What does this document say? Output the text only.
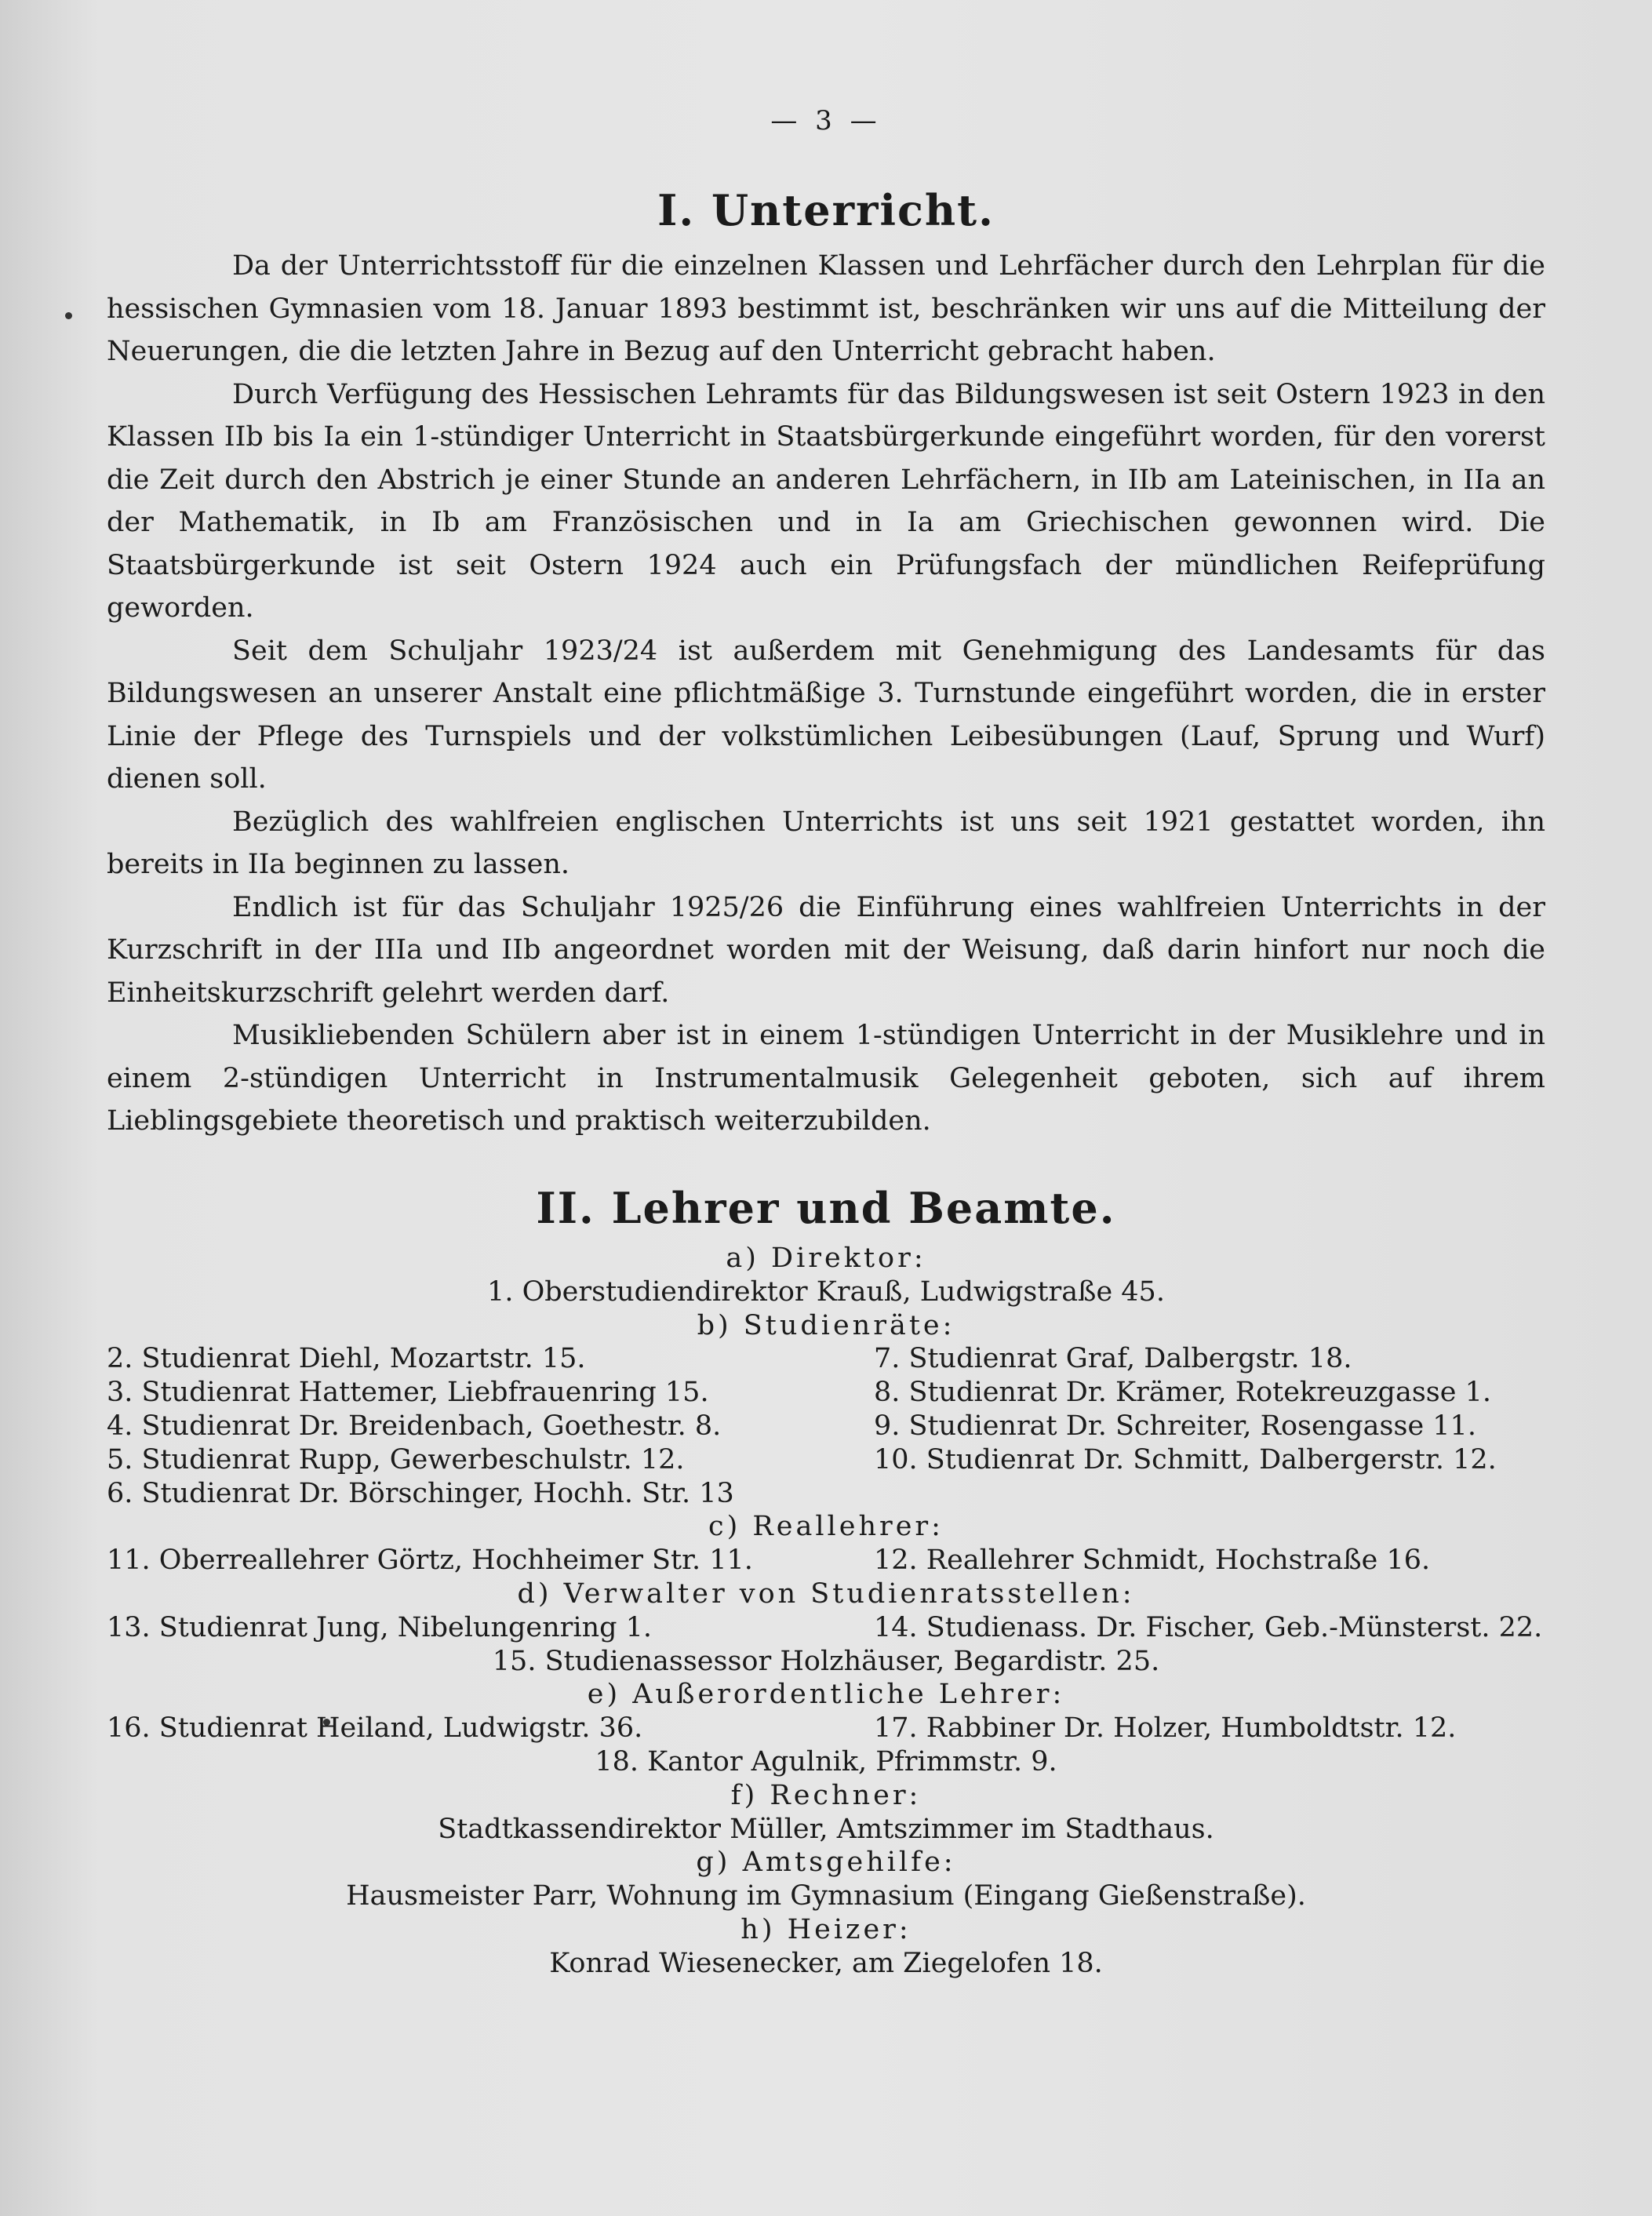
— 3 —
I. Unterricht.

Da der Unterrichtsstoff für die einzelnen Klassen und Lehrfächer durch den Lehrplan für die hessischen Gymnasien vom 18. Januar 1893 bestimmt ist, beschränken wir uns auf die Mitteilung der Neuerungen, die die letzten Jahre in Bezug auf den Unterricht gebracht haben.

Durch Verfügung des Hessischen Lehramts für das Bildungswesen ist seit Ostern 1923 in den Klassen IIb bis Ia ein 1-stündiger Unterricht in Staatsbürgerkunde eingeführt worden, für den vorerst die Zeit durch den Abstrich je einer Stunde an anderen Lehrfächern, in IIb am Lateinischen, in IIa an der Mathematik, in Ib am Französischen und in Ia am Griechischen gewonnen wird. Die Staatsbürgerkunde ist seit Ostern 1924 auch ein Prüfungsfach der mündlichen Reifeprüfung geworden.

Seit dem Schuljahr 1923/24 ist außerdem mit Genehmigung des Landesamts für das Bildungswesen an unserer Anstalt eine pflichtmäßige 3. Turnstunde eingeführt worden, die in erster Linie der Pflege des Turnspiels und der volkstümlichen Leibesübungen (Lauf, Sprung und Wurf) dienen soll.

Bezüglich des wahlfreien englischen Unterrichts ist uns seit 1921 gestattet worden, ihn bereits in IIa beginnen zu lassen.

Endlich ist für das Schuljahr 1925/26 die Einführung eines wahlfreien Unterrichts in der Kurzschrift in der IIIa und IIb angeordnet worden mit der Weisung, daß darin hinfort nur noch die Einheitskurzschrift gelehrt werden darf.

Musikliebenden Schülern aber ist in einem 1-stündigen Unterricht in der Musiklehre und in einem 2-stündigen Unterricht in Instrumentalmusik Gelegenheit geboten, sich auf ihrem Lieblingsgebiete theoretisch und praktisch weiterzubilden.

II. Lehrer und Beamte.
a) Direktor:
1. Oberstudiendirektor Krauß, Ludwigstraße 45.
b) Studienräte:
2. Studienrat Diehl, Mozartstr. 15.	7. Studienrat Graf, Dalbergstr. 18.
3. Studienrat Hattemer, Liebfrauenring 15.	8. Studienrat Dr. Krämer, Rotekreuzgasse 1.
4. Studienrat Dr. Breidenbach, Goethestr. 8.	9. Studienrat Dr. Schreiter, Rosengasse 11.
5. Studienrat Rupp, Gewerbeschulstr. 12.	10. Studienrat Dr. Schmitt, Dalbergerstr. 12.
6. Studienrat Dr. Börschinger, Hochh. Str. 13
c) Reallehrer:
11. Oberreallehrer Görtz, Hochheimer Str. 11.	12. Reallehrer Schmidt, Hochstraße 16.
d) Verwalter von Studienratsstellen:
13. Studienrat Jung, Nibelungenring 1.	14. Studienass. Dr. Fischer, Geb.-Münsterst. 22.
15. Studienassessor Holzhäuser, Begardistr. 25.
e) Außerordentliche Lehrer:
16. Studienrat Heiland, Ludwigstr. 36.	17. Rabbiner Dr. Holzer, Humboldtstr. 12.
18. Kantor Agulnik, Pfrimmstr. 9.
f) Rechner:
Stadtkassendirektor Müller, Amtszimmer im Stadthaus.
g) Amtsgehilfe:
Hausmeister Parr, Wohnung im Gymnasium (Eingang Gießenstraße).
h) Heizer:
Konrad Wiesenecker, am Ziegelofen 18.
